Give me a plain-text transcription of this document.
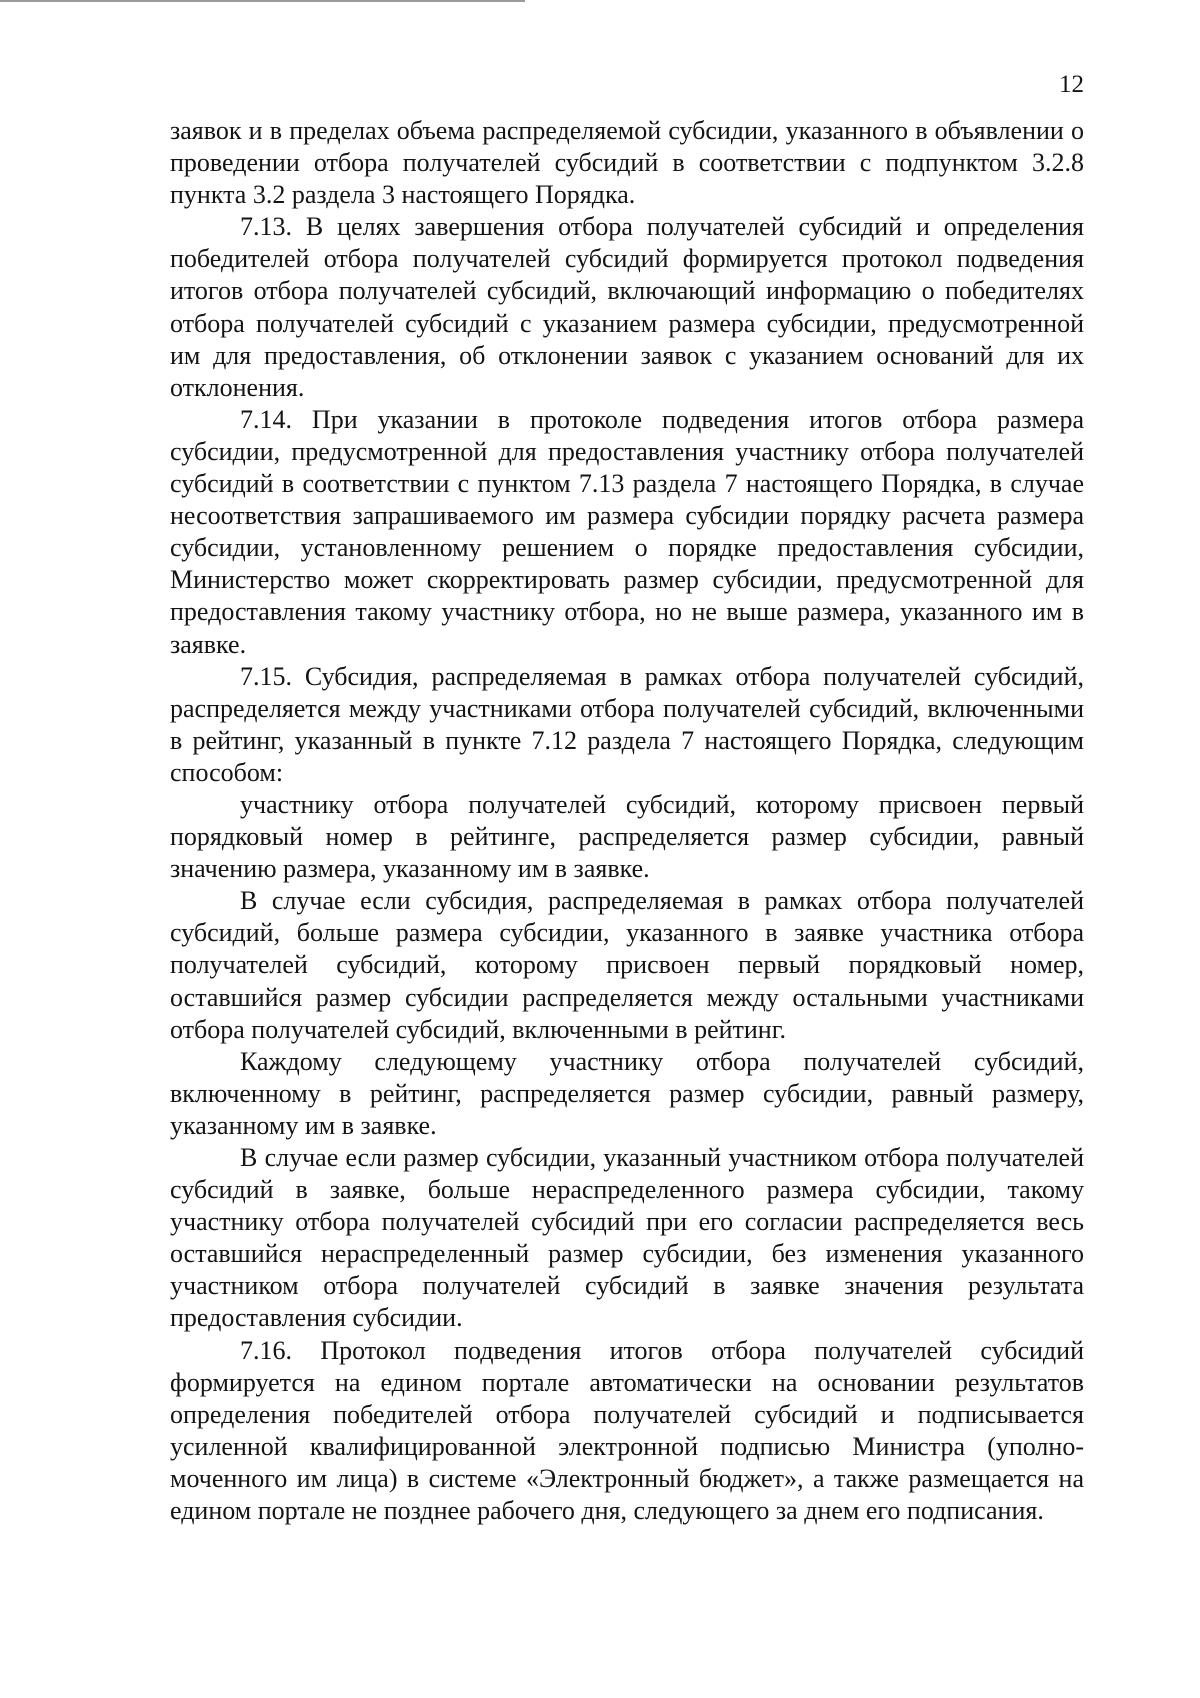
12

заявок и в пределах объема распределяемой субсидии, указанного в объявлении о проведении отбора получателей субсидий в соответствии с подпунктом 3.2.8 пункта 3.2 раздела 3 настоящего Порядка.

7.13. В целях завершения отбора получателей субсидий и определения победителей отбора получателей субсидий формируется протокол подведения итогов отбора получателей субсидий, включающий информацию о победителях отбора получателей субсидий с указанием размера субсидии, предусмотренной им для предоставления, об отклонении заявок с указанием оснований для их отклонения.

7.14. При указании в протоколе подведения итогов отбора размера субсидии, предусмотренной для предоставления участнику отбора получателей субсидий в соответствии с пунктом 7.13 раздела 7 настоящего Порядка, в случае несоответствия запрашиваемого им размера субсидии порядку расчета размера субсидии, установленному решением о порядке предоставления субсидии, Министерство может скорректировать размер субсидии, предусмотренной для предоставления такому участнику отбора, но не выше размера, указанного им в заявке.

7.15. Субсидия, распределяемая в рамках отбора получателей субсидий, распределяется между участниками отбора получателей субсидий, включенными в рейтинг, указанный в пункте 7.12 раздела 7 настоящего Порядка, следующим способом:

участнику отбора получателей субсидий, которому присвоен первый порядковый номер в рейтинге, распределяется размер субсидии, равный значению размера, указанному им в заявке.

В случае если субсидия, распределяемая в рамках отбора получателей субсидий, больше размера субсидии, указанного в заявке участника отбора получателей субсидий, которому присвоен первый порядковый номер, оставшийся размер субсидии распределяется между остальными участниками отбора получателей субсидий, включенными в рейтинг.

Каждому следующему участнику отбора получателей субсидий, включенному в рейтинг, распределяется размер субсидии, равный размеру, указанному им в заявке.

В случае если размер субсидии, указанный участником отбора получателей субсидий в заявке, больше нераспределенного размера субсидии, такому участнику отбора получателей субсидий при его согласии распределяется весь оставшийся нераспределенный размер субсидии, без изменения указанного участником отбора получателей субсидий в заявке значения результата предоставления субсидии.

7.16. Протокол подведения итогов отбора получателей субсидий формируется на едином портале автоматически на основании результатов определения победителей отбора получателей субсидий и подписывается усиленной квалифицированной электронной подписью Министра (уполномоченного им лица) в системе «Электронный бюджет», а также размещается на едином портале не позднее рабочего дня, следующего за днем его подписания.
